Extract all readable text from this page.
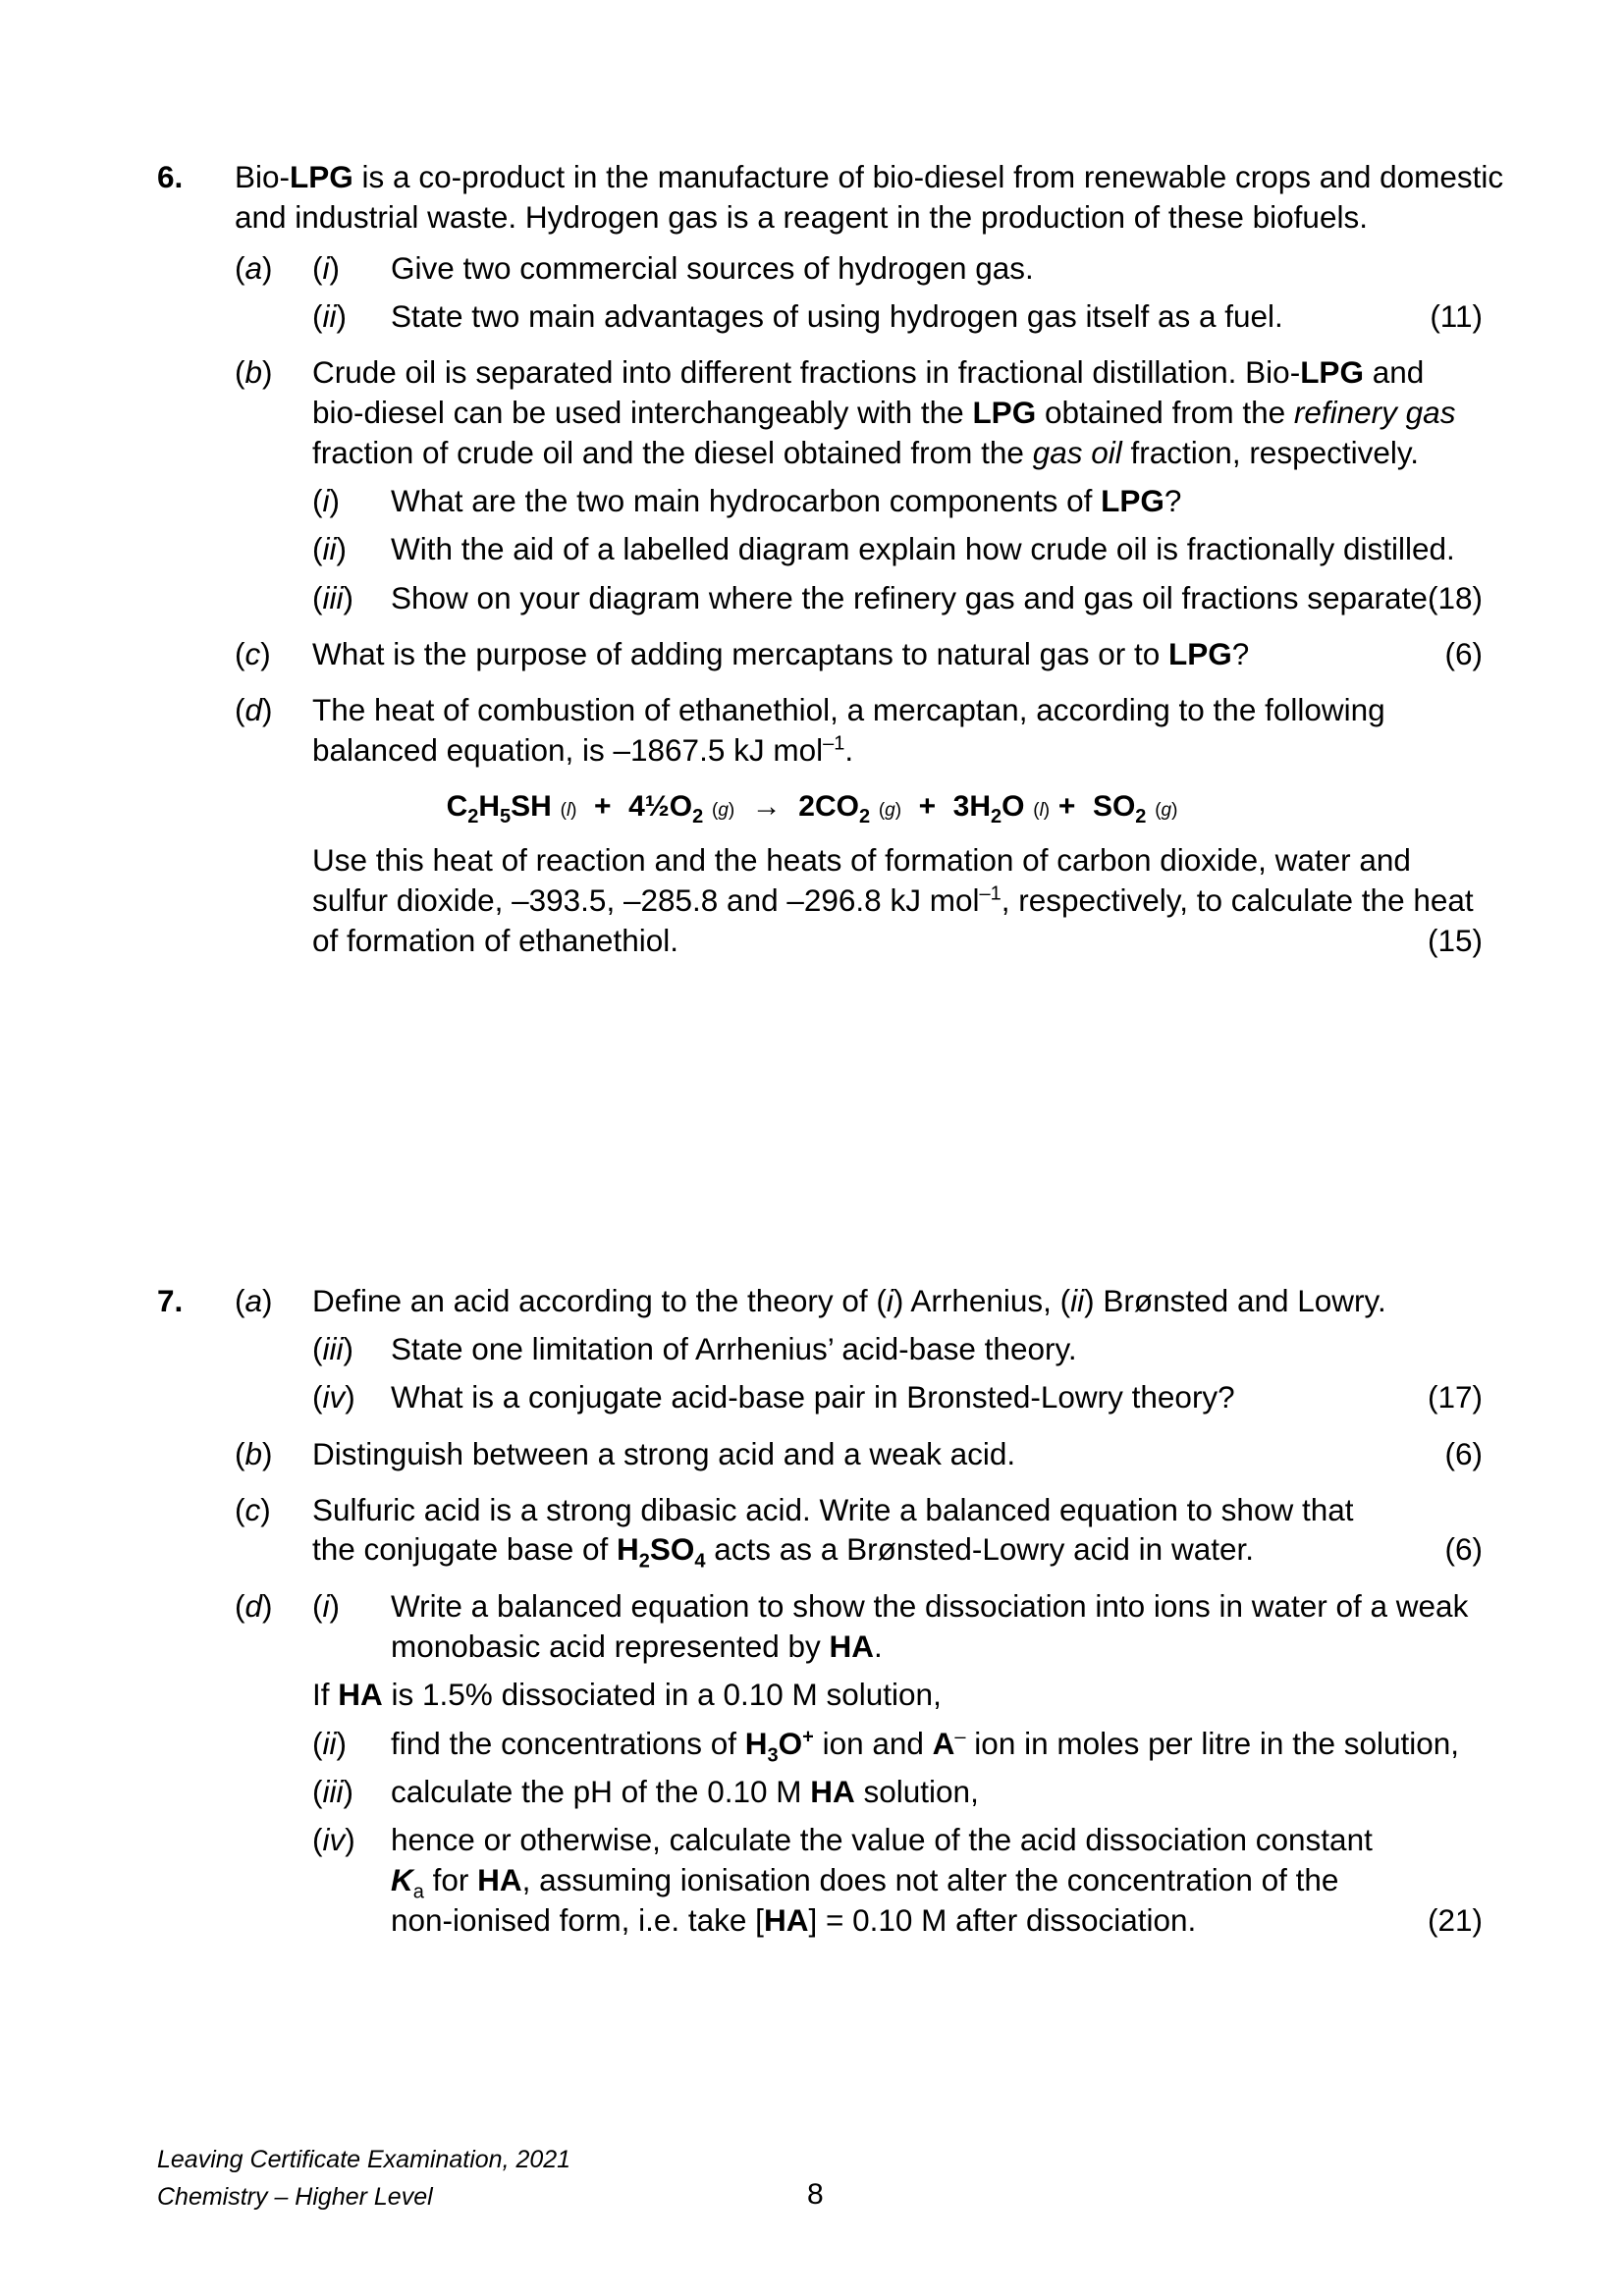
6. Bio-LPG is a co-product in the manufacture of bio-diesel from renewable crops and domestic
and industrial waste. Hydrogen gas is a reagent in the production of these biofuels.
(a) (i) Give two commercial sources of hydrogen gas.
(ii) State two main advantages of using hydrogen gas itself as a fuel.	(11)
(b) Crude oil is separated into different fractions in fractional distillation. Bio-LPG and
bio-diesel can be used interchangeably with the LPG obtained from the refinery gas
fraction of crude oil and the diesel obtained from the gas oil fraction, respectively.
(i) What are the two main hydrocarbon components of LPG?
(ii) With the aid of a labelled diagram explain how crude oil is fractionally distilled.
(iii) Show on your diagram where the refinery gas and gas oil fractions separate.
(18)
(c) What is the purpose of adding mercaptans to natural gas or to LPG?	(6)
(d) The heat of combustion of ethanethiol, a mercaptan, according to the following
balanced equation, is –1867.5 kJ mol$^{-1}$.
$C_2H_5SH$ $(l) + 4\frac{1}{2}O_2$ $(g) \to 2CO_2$ $(g) + 3H_2O$ $(l) + SO_2$ (g)
Use this heat of reaction and the heats of formation of carbon dioxide, water and
sulfur dioxide, –393.5, –285.8 and –296.8 kJ mol$^{-1}$, respectively, to calculate the heat
of formation of ethanethiol.	(15)
7. (a) Define an acid according to the theory of (i) Arrhenius, (ii) Brønsted and Lowry.
(iii) State one limitation of Arrhenius’ acid-base theory.
(iv) What is a conjugate acid-base pair in Bronsted-Lowry theory?	(17)
(b) Distinguish between a strong acid and a weak acid.	(6)
(c) Sulfuric acid is a strong dibasic acid. Write a balanced equation to show that
the conjugate base of $H_2SO_4$ acts as a Brønsted-Lowry acid in water.	(6)
(d) (i) Write a balanced equation to show the dissociation into ions in water of a weak
monobasic acid represented by HA.
If HA is 1.5% dissociated in a 0.10 M solution,
(ii) find the concentrations of $H_3O^+$ ion and A– ion in moles per litre in the solution,
(iii) calculate the pH of the 0.10 M HA solution,
(iv) hence or otherwise, calculate the value of the acid dissociation constant
$K_a$ for HA, assuming ionisation does not alter the concentration of the
non-ionised form, i.e. take [HA] = 0.10 M after dissociation.	(21)
Leaving Certificate Examination, 2021
Chemistry – Higher Level	8
